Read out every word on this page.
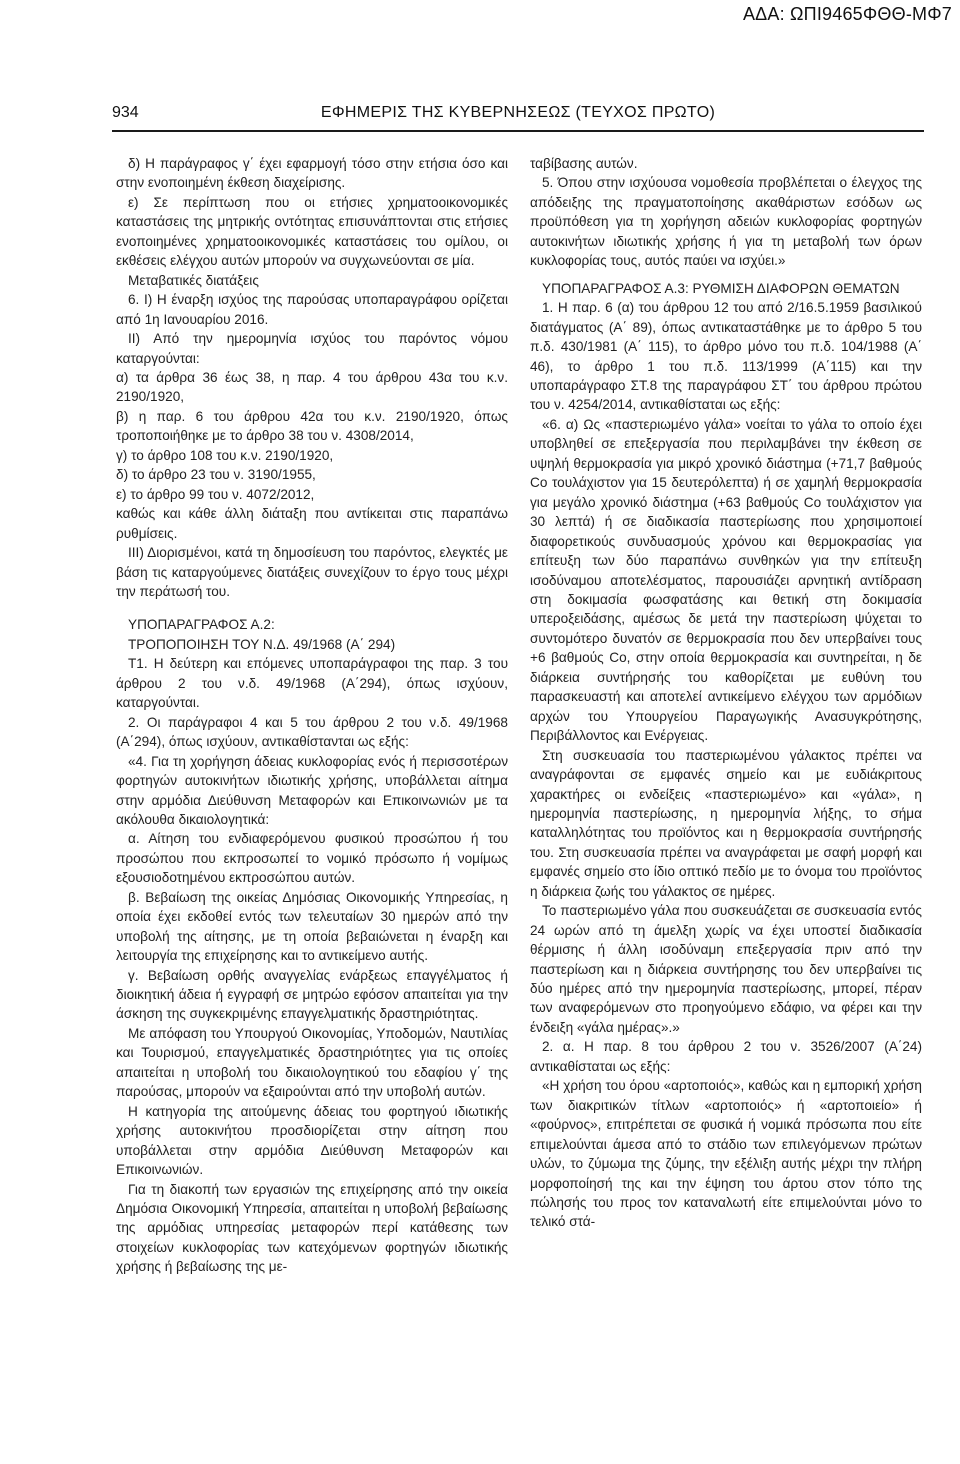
ΑΔΑ: ΩΠΙ9465ΦΘΘ-ΜΦ7
934	ΕΦΗΜΕΡΙΣ ΤΗΣ ΚΥΒΕΡΝΗΣΕΩΣ (ΤΕΥΧΟΣ ΠΡΩΤΟ)

δ) Η παράγραφος γ΄ έχει εφαρμογή τόσο στην ετήσια όσο και στην ενοποιημένη έκθεση διαχείρισης.

ε) Σε περίπτωση που οι ετήσιες χρηματοοικονομικές καταστάσεις της μητρικής οντότητας επισυνάπτονται στις ετήσιες ενοποιημένες χρηματοοικονομικές καταστάσεις του ομίλου, οι εκθέσεις ελέγχου αυτών μπορούν να συγχωνεύονται σε μία.

Μεταβατικές διατάξεις

6. Ι) Η έναρξη ισχύος της παρούσας υποπαραγράφου ορίζεται από 1η Ιανουαρίου 2016.

ΙΙ) Από την ημερομηνία ισχύος του παρόντος νόμου καταργούνται:

α) τα άρθρα 36 έως 38, η παρ. 4 του άρθρου 43α του κ.ν. 2190/1920,

β) η παρ. 6 του άρθρου 42α του κ.ν. 2190/1920, όπως τροποποιήθηκε με το άρθρο 38 του ν. 4308/2014,

γ) το άρθρο 108 του κ.ν. 2190/1920,

δ) το άρθρο 23 του ν. 3190/1955,

ε) το άρθρο 99 του ν. 4072/2012,

καθώς και κάθε άλλη διάταξη που αντίκειται στις παραπάνω ρυθμίσεις.

ΙΙΙ) Διορισμένοι, κατά τη δημοσίευση του παρόντος, ελεγκτές με βάση τις καταργούμενες διατάξεις συνεχίζουν το έργο τους μέχρι την περάτωσή του.

ΥΠΟΠΑΡΑΓΡΑΦΟΣ Α.2:

ΤΡΟΠΟΠΟΙΗΣΗ ΤΟΥ Ν.Δ. 49/1968 (Α΄ 294)

Τ1. Η δεύτερη και επόμενες υποπαράγραφοι της παρ. 3 του άρθρου 2 του ν.δ. 49/1968 (Α΄294), όπως ισχύουν, καταργούνται.

2. Οι παράγραφοι 4 και 5 του άρθρου 2 του ν.δ. 49/1968 (Α΄294), όπως ισχύουν, αντικαθίστανται ως εξής:

«4. Για τη χορήγηση άδειας κυκλοφορίας ενός ή περισσοτέρων φορτηγών αυτοκινήτων ιδιωτικής χρήσης, υποβάλλεται αίτημα στην αρμόδια Διεύθυνση Μεταφορών και Επικοινωνιών με τα ακόλουθα δικαιολογητικά:

α. Αίτηση του ενδιαφερόμενου φυσικού προσώπου ή του προσώπου που εκπροσωπεί το νομικό πρόσωπο ή νομίμως εξουσιοδοτημένου εκπροσώπου αυτών.

β. Βεβαίωση της οικείας Δημόσιας Οικονομικής Υπηρεσίας, η οποία έχει εκδοθεί εντός των τελευταίων 30 ημερών από την υποβολή της αίτησης, με τη οποία βεβαιώνεται η έναρξη και λειτουργία της επιχείρησης και το αντικείμενο αυτής.

γ. Βεβαίωση ορθής αναγγελίας ενάρξεως επαγγέλματος ή διοικητική άδεια ή εγγραφή σε μητρώο εφόσον απαιτείται για την άσκηση της συγκεκριμένης επαγγελματικής δραστηριότητας.

Με απόφαση του Υπουργού Οικονομίας, Υποδομών, Ναυτιλίας και Τουρισμού, επαγγελματικές δραστηριότητες για τις οποίες απαιτείται η υποβολή του δικαιολογητικού του εδαφίου γ΄ της παρούσας, μπορούν να εξαιρούνται από την υποβολή αυτών.

Η κατηγορία της αιτούμενης άδειας του φορτηγού ιδιωτικής χρήσης αυτοκινήτου προσδιορίζεται στην αίτηση που υποβάλλεται στην αρμόδια Διεύθυνση Μεταφορών και Επικοινωνιών.

Για τη διακοπή των εργασιών της επιχείρησης από την οικεία Δημόσια Οικονομική Υπηρεσία, απαιτείται η υποβολή βεβαίωσης της αρμόδιας υπηρεσίας μεταφορών περί κατάθεσης των στοιχείων κυκλοφορίας των κατεχόμενων φορτηγών ιδιωτικής χρήσης ή βεβαίωσης της με-

ταβίβασης αυτών.

5. Όπου στην ισχύουσα νομοθεσία προβλέπεται ο έλεγχος της απόδειξης της πραγματοποίησης ακαθάριστων εσόδων ως προϋπόθεση για τη χορήγηση αδειών κυκλοφορίας φορτηγών αυτοκινήτων ιδιωτικής χρήσης ή για τη μεταβολή των όρων κυκλοφορίας τους, αυτός παύει να ισχύει.»

ΥΠΟΠΑΡΑΓΡΑΦΟΣ Α.3: ΡΥΘΜΙΣΗ ΔΙΑΦΟΡΩΝ ΘΕΜΑΤΩΝ

1. Η παρ. 6 (α) του άρθρου 12 του από 2/16.5.1959 βασιλικού διατάγματος (Α΄ 89), όπως αντικαταστάθηκε με το άρθρο 5 του π.δ. 430/1981 (Α΄ 115), το άρθρο μόνο του π.δ. 104/1988 (Α΄ 46), το άρθρο 1 του π.δ. 113/1999 (Α΄115) και την υποπαράγραφο ΣΤ.8 της παραγράφου ΣΤ΄ του άρθρου πρώτου του ν. 4254/2014, αντικαθίσταται ως εξής:

«6. α) Ως «παστεριωμένο γάλα» νοείται το γάλα το οποίο έχει υποβληθεί σε επεξεργασία που περιλαμβάνει την έκθεση σε υψηλή θερμοκρασία για μικρό χρονικό διάστημα (+71,7 βαθμούς Co τουλάχιστον για 15 δευτερόλεπτα) ή σε χαμηλή θερμοκρασία για μεγάλο χρονικό διάστημα (+63 βαθμούς Co τουλάχιστον για 30 λεπτά) ή σε διαδικασία παστερίωσης που χρησιμοποιεί διαφορετικούς συνδυασμούς χρόνου και θερμοκρασίας για επίτευξη των δύο παραπάνω συνθηκών για την επίτευξη ισοδύναμου αποτελέσματος, παρουσιάζει αρνητική αντίδραση στη δοκιμασία φωσφατάσης και θετική στη δοκιμασία υπεροξειδάσης, αμέσως δε μετά την παστερίωση ψύχεται το συντομότερο δυνατόν σε θερμοκρασία που δεν υπερβαίνει τους +6 βαθμούς Co, στην οποία θερμοκρασία και συντηρείται, η δε διάρκεια συντήρησής του καθορίζεται με ευθύνη του παρασκευαστή και αποτελεί αντικείμενο ελέγχου των αρμόδιων αρχών του Υπουργείου Παραγωγικής Ανασυγκρότησης, Περιβάλλοντος και Ενέργειας.

Στη συσκευασία του παστεριωμένου γάλακτος πρέπει να αναγράφονται σε εμφανές σημείο και με ευδιάκριτους χαρακτήρες οι ενδείξεις «παστεριωμένο» και «γάλα», η ημερομηνία παστερίωσης, η ημερομηνία λήξης, το σήμα καταλληλότητας του προϊόντος και η θερμοκρασία συντήρησής του. Στη συσκευασία πρέπει να αναγράφεται με σαφή μορφή και εμφανές σημείο στο ίδιο οπτικό πεδίο με το όνομα του προϊόντος η διάρκεια ζωής του γάλακτος σε ημέρες.

Το παστεριωμένο γάλα που συσκευάζεται σε συσκευασία εντός 24 ωρών από τη άμελξη χωρίς να έχει υποστεί διαδικασία θέρμισης ή άλλη ισοδύναμη επεξεργασία πριν από την παστερίωση και η διάρκεια συντήρησης του δεν υπερβαίνει τις δύο ημέρες από την ημερομηνία παστερίωσης, μπορεί, πέραν των αναφερόμενων στο προηγούμενο εδάφιο, να φέρει και την ένδειξη «γάλα ημέρας».»

2. α. Η παρ. 8 του άρθρου 2 του ν. 3526/2007 (Α΄24) αντικαθίσταται ως εξής:

«Η χρήση του όρου «αρτοποιός», καθώς και η εμπορική χρήση των διακριτικών τίτλων «αρτοποιός» ή «αρτοποιείο» ή «φούρνος», επιτρέπεται σε φυσικά ή νομικά πρόσωπα που είτε επιμελούνται άμεσα από το στάδιο των επιλεγόμενων πρώτων υλών, το ζύμωμα της ζύμης, την εξέλιξη αυτής μέχρι την πλήρη μορφοποίησή της και την έψηση του άρτου στον τόπο της πώλησής του προς τον καταναλωτή είτε επιμελούνται μόνο το τελικό στά-
